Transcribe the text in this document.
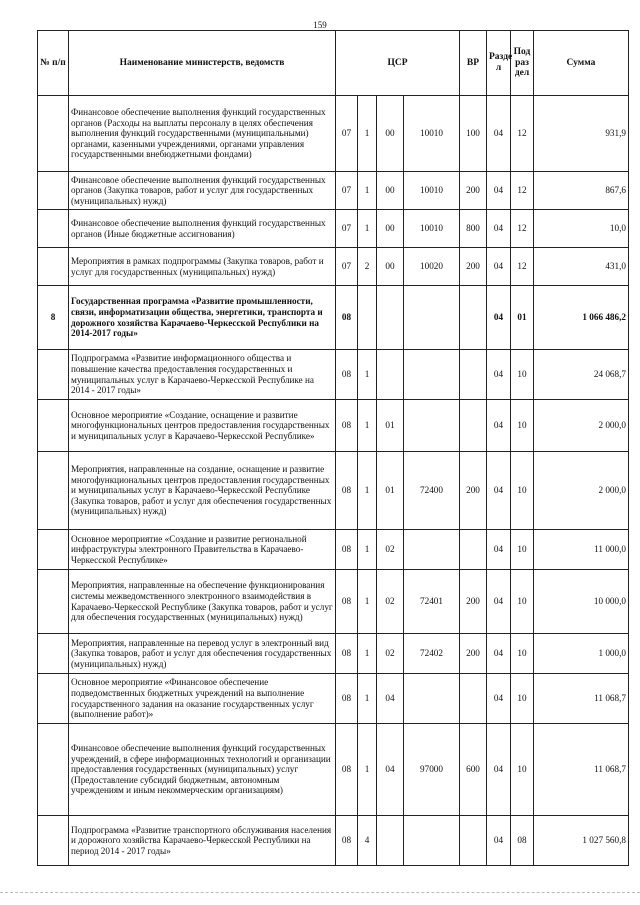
159
№ п/п	Наименование министерств, ведомств	ЦСР				ВР	Разде л	Под раз дел	Сумма
	Финансовое обеспечение выполнения функций государственных органов (Расходы на выплаты персоналу в целях обеспечения выполнения функций государственными (муниципальными) органами, казенными учреждениями, органами управления государственными внебюджетными фондами)	07	1	00	10010	100	04	12	931,9
	Финансовое обеспечение выполнения функций государственных органов (Закупка товаров, работ и услуг для государственных (муниципальных) нужд)	07	1	00	10010	200	04	12	867,6
	Финансовое обеспечение выполнения функций государственных органов (Иные бюджетные ассигнования)	07	1	00	10010	800	04	12	10,0
	Мероприятия в рамках подпрограммы (Закупка товаров, работ и услуг для государственных (муниципальных) нужд)	07	2	00	10020	200	04	12	431,0
8	Государственная программа «Развитие промышленности, связи, информатизации общества, энергетики, транспорта и дорожного хозяйства Карачаево-Черкесской Республики на 2014-2017 годы»	08					04	01	1 066 486,2
	Подпрограмма «Развитие информационного общества и повышение качества предоставления государственных и муниципальных услуг в Карачаево-Черкесской Республике на 2014 - 2017 годы»	08	1				04	10	24 068,7
	Основное мероприятие «Создание, оснащение и развитие многофункциональных центров предоставления государственных и муниципальных услуг в Карачаево-Черкесской Республике»	08	1	01			04	10	2 000,0
	Мероприятия, направленные на создание, оснащение и развитие многофункциональных центров предоставления государственных и муниципальных услуг в Карачаево-Черкесской Республике (Закупка товаров, работ и услуг для обеспечения государственных (муниципальных) нужд)	08	1	01	72400	200	04	10	2 000,0
	Основное мероприятие «Создание и развитие региональной инфраструктуры электронного Правительства в Карачаево-Черкесской Республике»	08	1	02			04	10	11 000,0
	Мероприятия, направленные на обеспечение функционирования системы межведомственного электронного взаимодействия в Карачаево-Черкесской Республике (Закупка товаров, работ и услуг для обеспечения государственных (муниципальных) нужд)	08	1	02	72401	200	04	10	10 000,0
	Мероприятия, направленные на перевод услуг в электронный вид (Закупка товаров, работ и услуг для обеспечения государственных (муниципальных) нужд)	08	1	02	72402	200	04	10	1 000,0
	Основное мероприятие «Финансовое обеспечение подведомственных бюджетных учреждений на выполнение государственного задания на оказание государственных услуг (выполнение работ)»	08	1	04			04	10	11 068,7
	Финансовое обеспечение выполнения функций государственных учреждений, в сфере информационных технологий и организации предоставления государственных (муниципальных) услуг (Предоставление субсидий бюджетным, автономным учреждениям и иным некоммерческим организациям)	08	1	04	97000	600	04	10	11 068,7
	Подпрограмма «Развитие транспортного обслуживания населения и дорожного хозяйства Карачаево-Черкесской Республики на период 2014 - 2017 годы»	08	4				04	08	1 027 560,8
